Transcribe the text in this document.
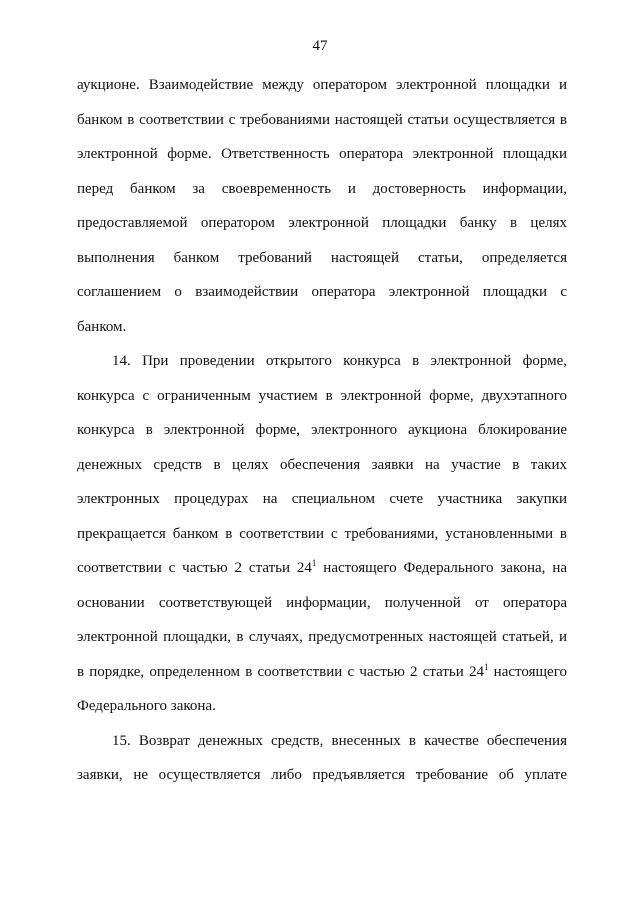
47
аукционе. Взаимодействие между оператором электронной площадки и
банком в соответствии с требованиями настоящей статьи осуществляется в
электронной форме. Ответственность оператора электронной площадки
перед банком за своевременность и достоверность информации,
предоставляемой оператором электронной площадки банку в целях
выполнения банком требований настоящей статьи, определяется
соглашением о взаимодействии оператора электронной площадки с
банком.
14. При проведении открытого конкурса в электронной форме,
конкурса с ограниченным участием в электронной форме, двухэтапного
конкурса в электронной форме, электронного аукциона блокирование
денежных средств в целях обеспечения заявки на участие в таких
электронных процедурах на специальном счете участника закупки
прекращается банком в соответствии с требованиями, установленными в
соответствии с частью 2 статьи $24^1$ настоящего Федерального закона, на
основании соответствующей информации, полученной от оператора
электронной площадки, в случаях, предусмотренных настоящей статьей, и
в порядке, определенном в соответствии с частью 2 статьи $24^1$ настоящего
Федерального закона.
15. Возврат денежных средств, внесенных в качестве обеспечения
заявки, не осуществляется либо предъявляется требование об уплате
